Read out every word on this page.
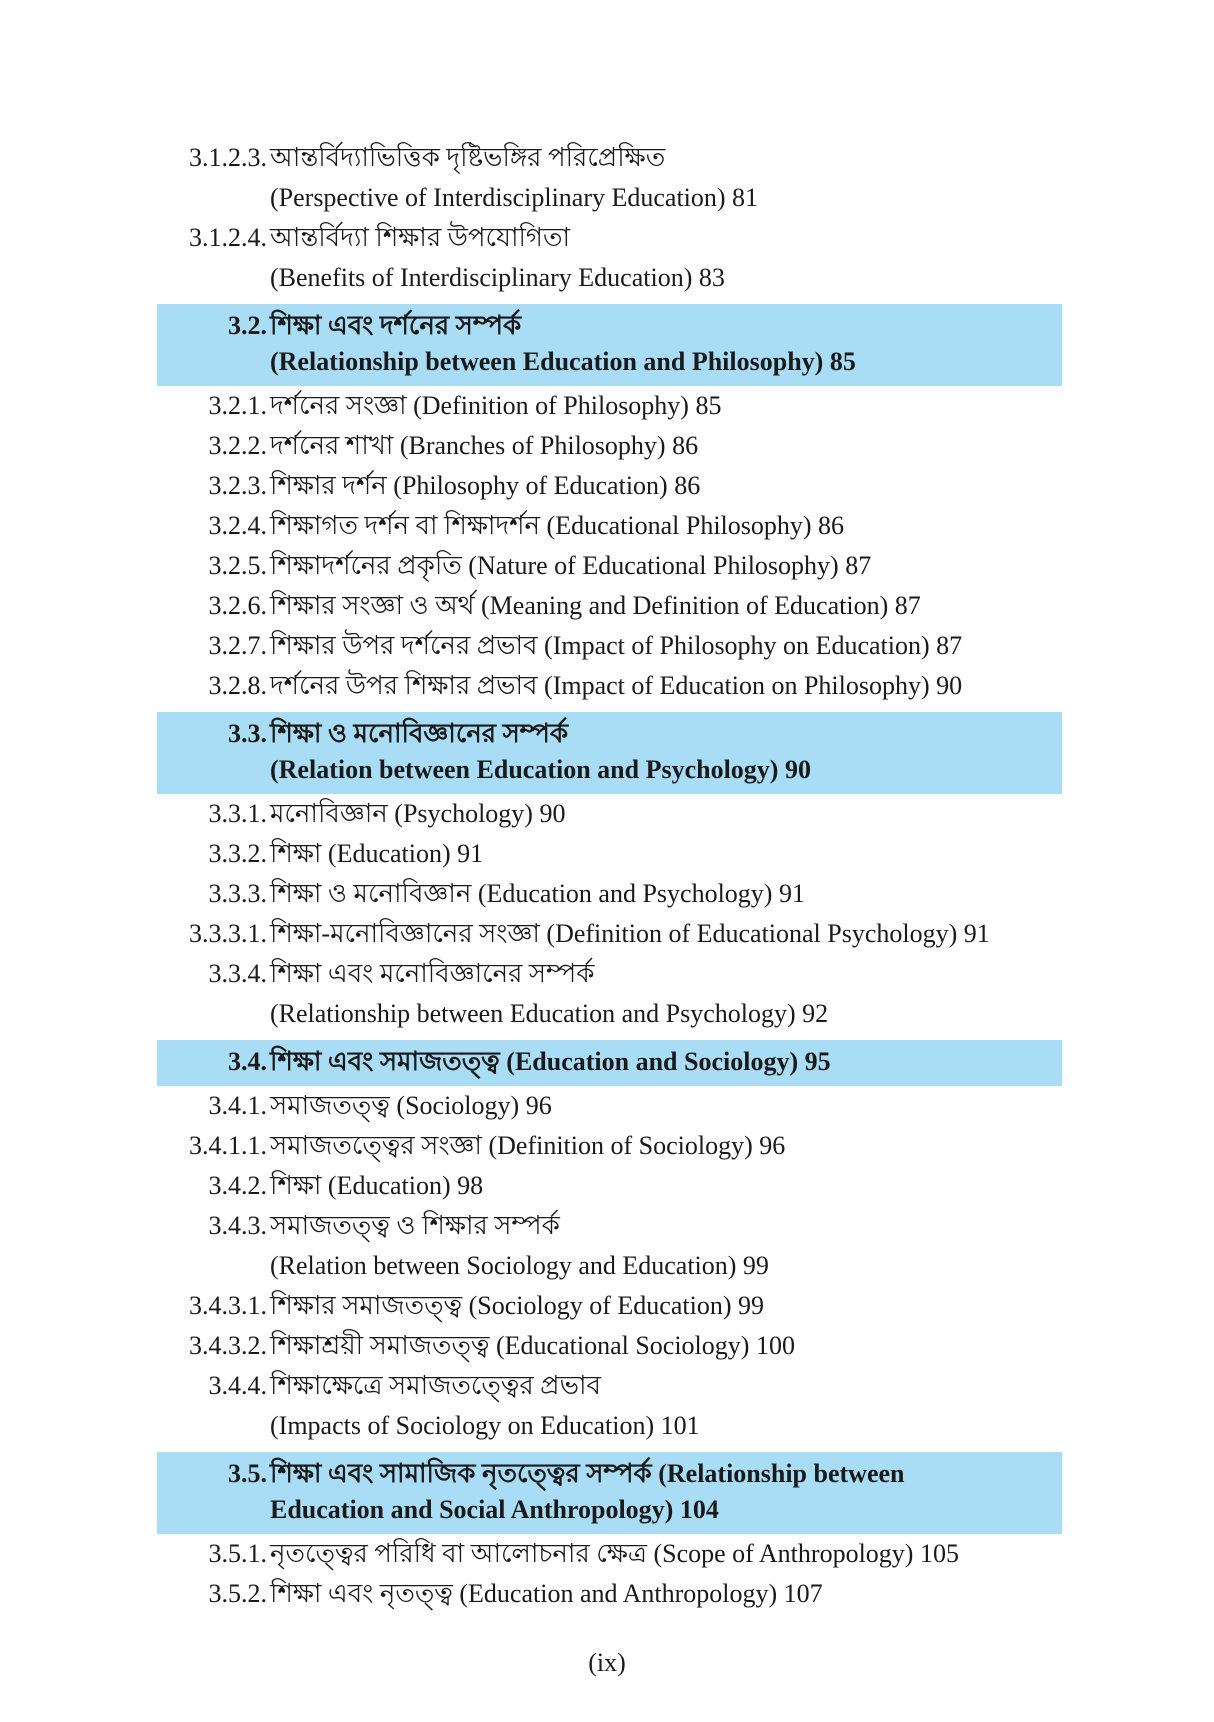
3.1.2.3. আন্তর্বিদ্যাভিত্তিক দৃষ্টিভঙ্গির পরিপ্রেক্ষিত
(Perspective of Interdisciplinary Education) 81
3.1.2.4. আন্তর্বিদ্যা শিক্ষার উপযোগিতা
(Benefits of Interdisciplinary Education) 83
3.2. শিক্ষা এবং দর্শনের সম্পর্ক
(Relationship between Education and Philosophy) 85
3.2.1. দর্শনের সংজ্ঞা (Definition of Philosophy) 85
3.2.2. দর্শনের শাখা (Branches of Philosophy) 86
3.2.3. শিক্ষার দর্শন (Philosophy of Education) 86
3.2.4. শিক্ষাগত দর্শন বা শিক্ষাদর্শন (Educational Philosophy) 86
3.2.5. শিক্ষাদর্শনের প্রকৃতি (Nature of Educational Philosophy) 87
3.2.6. শিক্ষার সংজ্ঞা ও অর্থ (Meaning and Definition of Education) 87
3.2.7. শিক্ষার উপর দর্শনের প্রভাব (Impact of Philosophy on Education) 87
3.2.8. দর্শনের উপর শিক্ষার প্রভাব (Impact of Education on Philosophy) 90
3.3. শিক্ষা ও মনোবিজ্ঞানের সম্পর্ক
(Relation between Education and Psychology) 90
3.3.1. মনোবিজ্ঞান (Psychology) 90
3.3.2. শিক্ষা (Education) 91
3.3.3. শিক্ষা ও মনোবিজ্ঞান (Education and Psychology) 91
3.3.3.1. শিক্ষা-মনোবিজ্ঞানের সংজ্ঞা (Definition of Educational Psychology) 91
3.3.4. শিক্ষা এবং মনোবিজ্ঞানের সম্পর্ক
(Relationship between Education and Psychology) 92
3.4. শিক্ষা এবং সমাজতত্ত্ব (Education and Sociology) 95
3.4.1. সমাজতত্ত্ব (Sociology) 96
3.4.1.1. সমাজতত্ত্বের সংজ্ঞা (Definition of Sociology) 96
3.4.2. শিক্ষা (Education) 98
3.4.3. সমাজতত্ত্ব ও শিক্ষার সম্পর্ক
(Relation between Sociology and Education) 99
3.4.3.1. শিক্ষার সমাজতত্ত্ব (Sociology of Education) 99
3.4.3.2. শিক্ষাশ্রয়ী সমাজতত্ত্ব (Educational Sociology) 100
3.4.4. শিক্ষাক্ষেত্রে সমাজতত্ত্বের প্রভাব
(Impacts of Sociology on Education) 101
3.5. শিক্ষা এবং সামাজিক নৃতত্ত্বের সম্পর্ক (Relationship between
Education and Social Anthropology) 104
3.5.1. নৃতত্ত্বের পরিধি বা আলোচনার ক্ষেত্র (Scope of Anthropology) 105
3.5.2. শিক্ষা এবং নৃতত্ত্ব (Education and Anthropology) 107
(ix)
